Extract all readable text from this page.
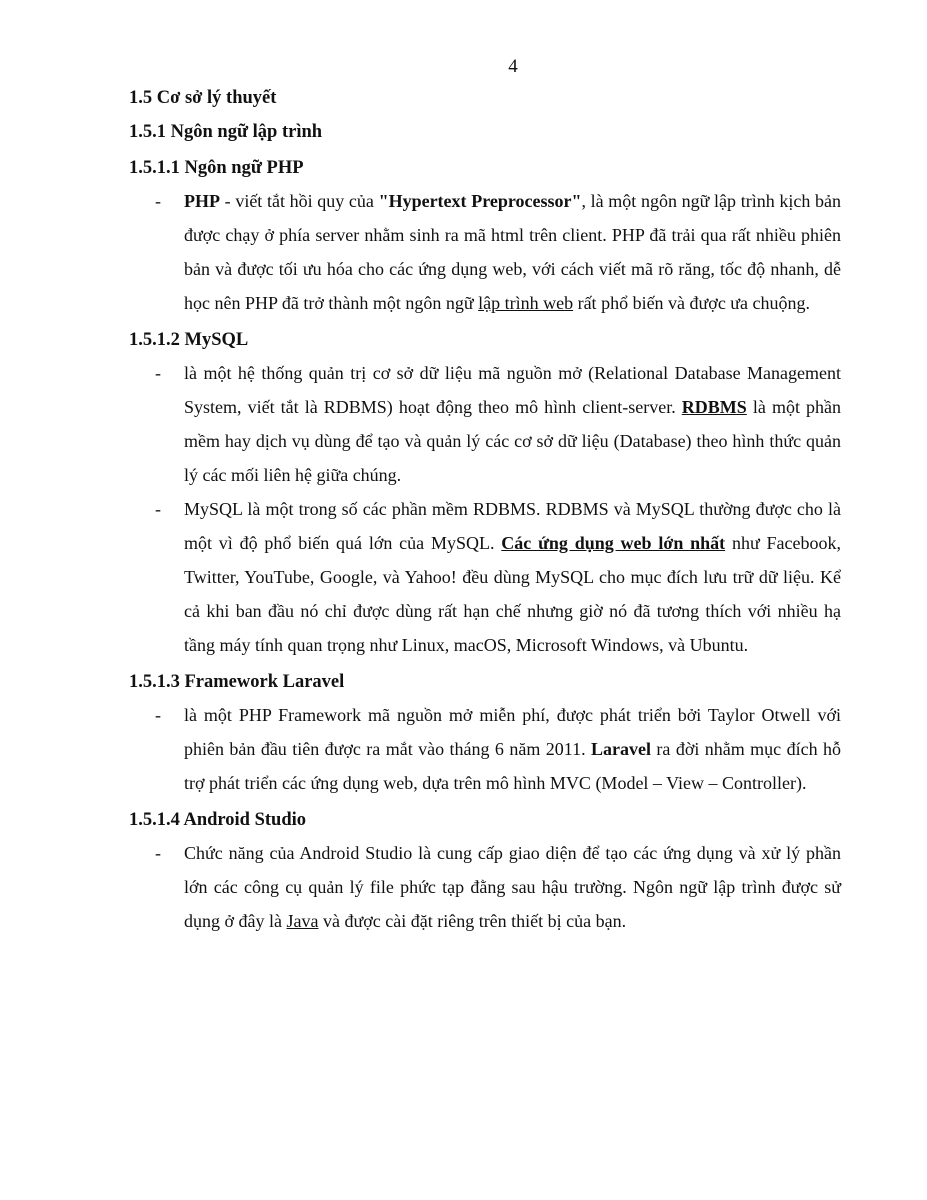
4

1.5 Cơ sở lý thuyết

1.5.1 Ngôn ngữ lập trình

1.5.1.1 Ngôn ngữ PHP

- PHP - viết tắt hồi quy của "Hypertext Preprocessor", là một ngôn ngữ lập trình kịch bản được chạy ở phía server nhằm sinh ra mã html trên client. PHP đã trải qua rất nhiều phiên bản và được tối ưu hóa cho các ứng dụng web, với cách viết mã rõ răng, tốc độ nhanh, dễ học nên PHP đã trở thành một ngôn ngữ lập trình web rất phổ biến và được ưa chuộng.

1.5.1.2 MySQL

- là một hệ thống quản trị cơ sở dữ liệu mã nguồn mở (Relational Database Management System, viết tắt là RDBMS) hoạt động theo mô hình client-server. RDBMS là một phần mềm hay dịch vụ dùng để tạo và quản lý các cơ sở dữ liệu (Database) theo hình thức quản lý các mối liên hệ giữa chúng.

- MySQL là một trong số các phần mềm RDBMS. RDBMS và MySQL thường được cho là một vì độ phổ biến quá lớn của MySQL. Các ứng dụng web lớn nhất như Facebook, Twitter, YouTube, Google, và Yahoo! đều dùng MySQL cho mục đích lưu trữ dữ liệu. Kể cả khi ban đầu nó chỉ được dùng rất hạn chế nhưng giờ nó đã tương thích với nhiều hạ tầng máy tính quan trọng như Linux, macOS, Microsoft Windows, và Ubuntu.

1.5.1.3 Framework Laravel

- là một PHP Framework mã nguồn mở miễn phí, được phát triển bởi Taylor Otwell với phiên bản đầu tiên được ra mắt vào tháng 6 năm 2011. Laravel ra đời nhằm mục đích hỗ trợ phát triển các ứng dụng web, dựa trên mô hình MVC (Model – View – Controller).

1.5.1.4 Android Studio

- Chức năng của Android Studio là cung cấp giao diện để tạo các ứng dụng và xử lý phần lớn các công cụ quản lý file phức tạp đằng sau hậu trường. Ngôn ngữ lập trình được sử dụng ở đây là Java và được cài đặt riêng trên thiết bị của bạn.
